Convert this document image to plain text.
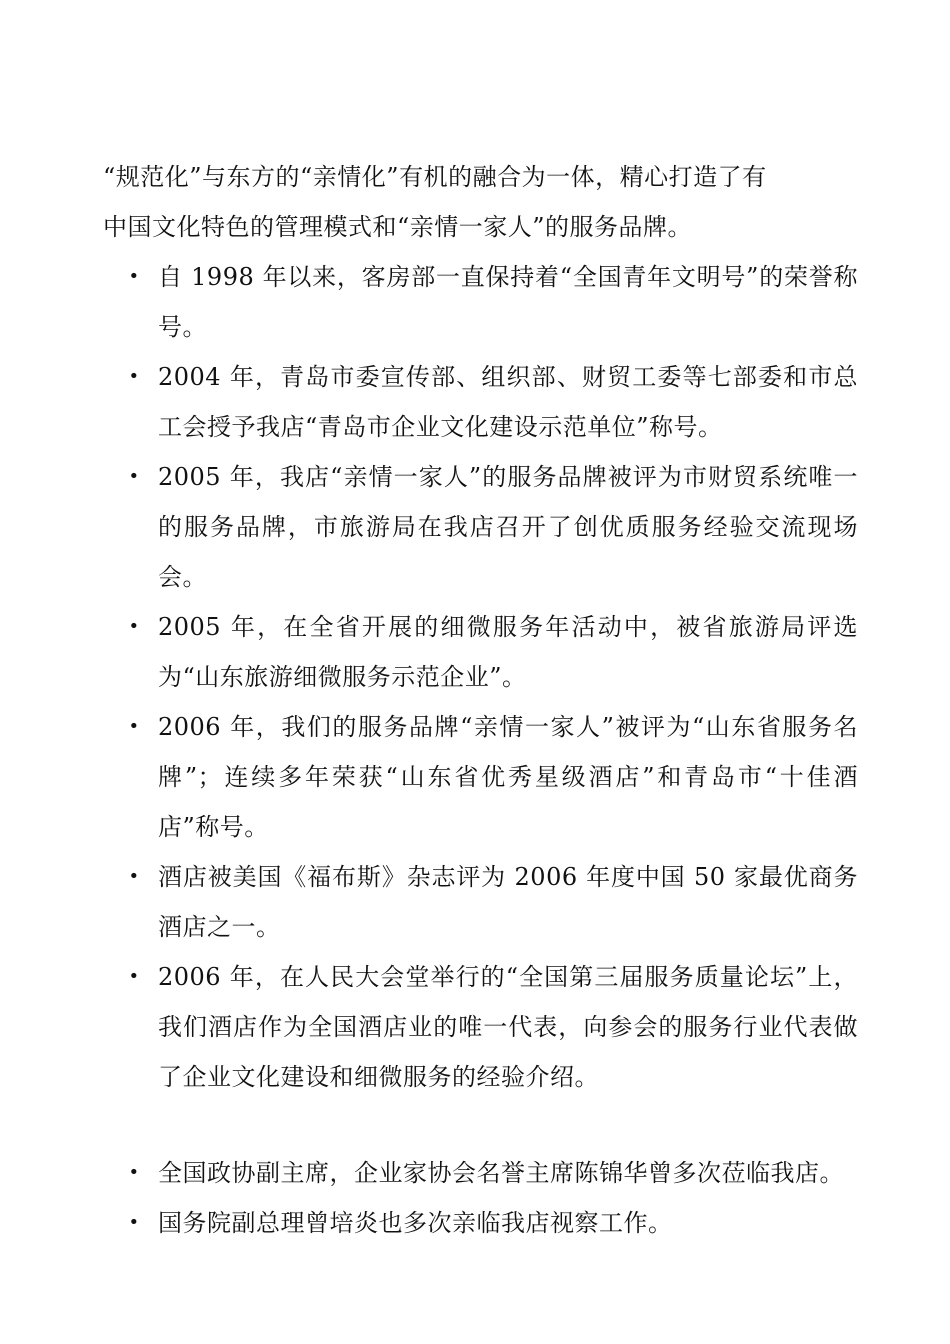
“规范化”与东方的“亲情化”有机的融合为一体，精心打造了有

中国文化特色的管理模式和“亲情一家人”的服务品牌。

• 自 1998 年以来，客房部一直保持着“全国青年文明号”的荣誉称号。
• 2004 年，青岛市委宣传部、组织部、财贸工委等七部委和市总工会授予我店“青岛市企业文化建设示范单位”称号。
• 2005 年，我店“亲情一家人”的服务品牌被评为市财贸系统唯一的服务品牌，市旅游局在我店召开了创优质服务经验交流现场会。
• 2005 年，在全省开展的细微服务年活动中，被省旅游局评选为“山东旅游细微服务示范企业”。
• 2006 年，我们的服务品牌“亲情一家人”被评为“山东省服务名牌”；连续多年荣获“山东省优秀星级酒店”和青岛市“十佳酒店”称号。
• 酒店被美国《福布斯》杂志评为 2006 年度中国 50 家最优商务酒店之一。
• 2006 年，在人民大会堂举行的“全国第三届服务质量论坛”上，我们酒店作为全国酒店业的唯一代表，向参会的服务行业代表做了企业文化建设和细微服务的经验介绍。
• 全国政协副主席，企业家协会名誉主席陈锦华曾多次莅临我店。
• 国务院副总理曾培炎也多次亲临我店视察工作。
